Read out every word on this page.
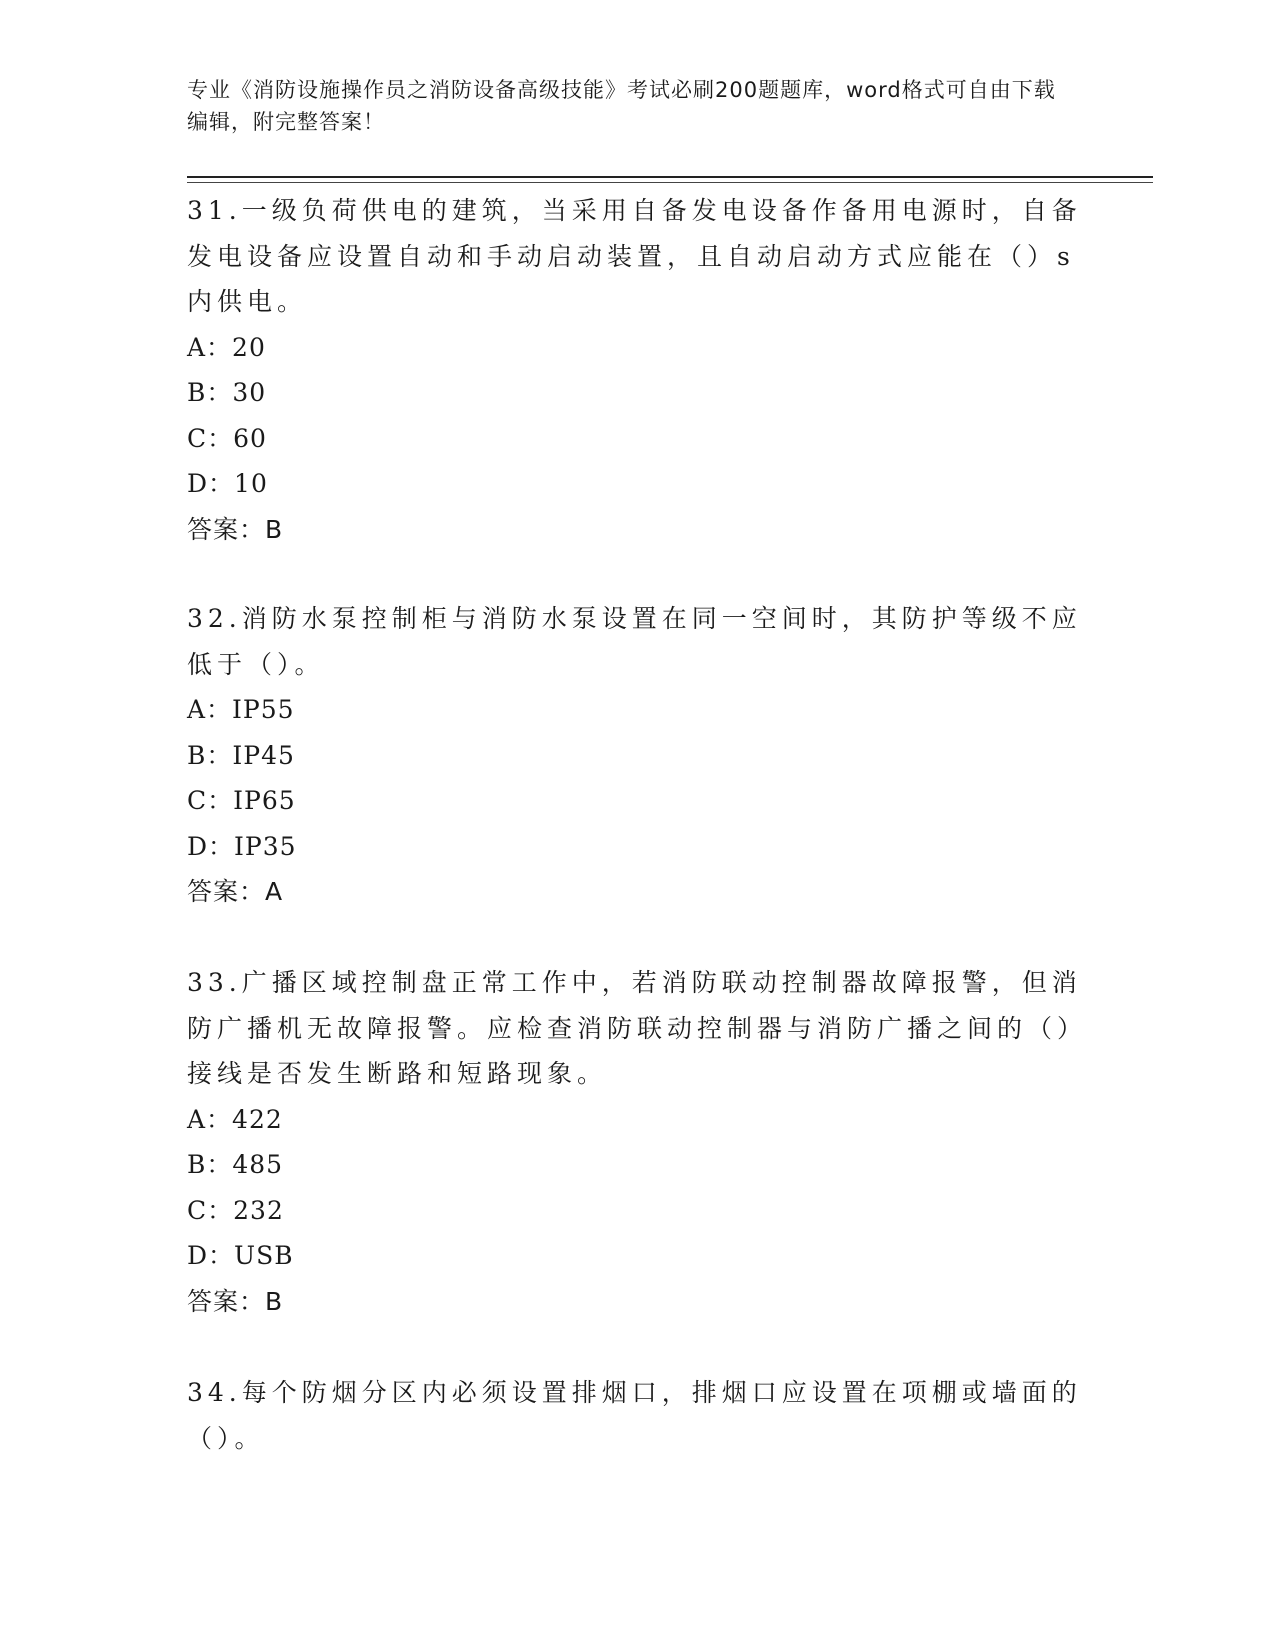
专业《消防设施操作员之消防设备高级技能》考试必刷200题题库，word格式可自由下载编辑，附完整答案！

31.一级负荷供电的建筑，当采用自备发电设备作备用电源时，自备发电设备应设置自动和手动启动装置，且自动启动方式应能在（）s内供电。

A：20

B：30

C：60

D：10

答案：B

32.消防水泵控制柜与消防水泵设置在同一空间时，其防护等级不应低于（）。

A：IP55

B：IP45

C：IP65

D：IP35

答案：A

33.广播区域控制盘正常工作中，若消防联动控制器故障报警，但消防广播机无故障报警。应检查消防联动控制器与消防广播之间的（）接线是否发生断路和短路现象。

A：422

B：485

C：232

D：USB

答案：B

34.每个防烟分区内必须设置排烟口，排烟口应设置在项棚或墙面的（）。
